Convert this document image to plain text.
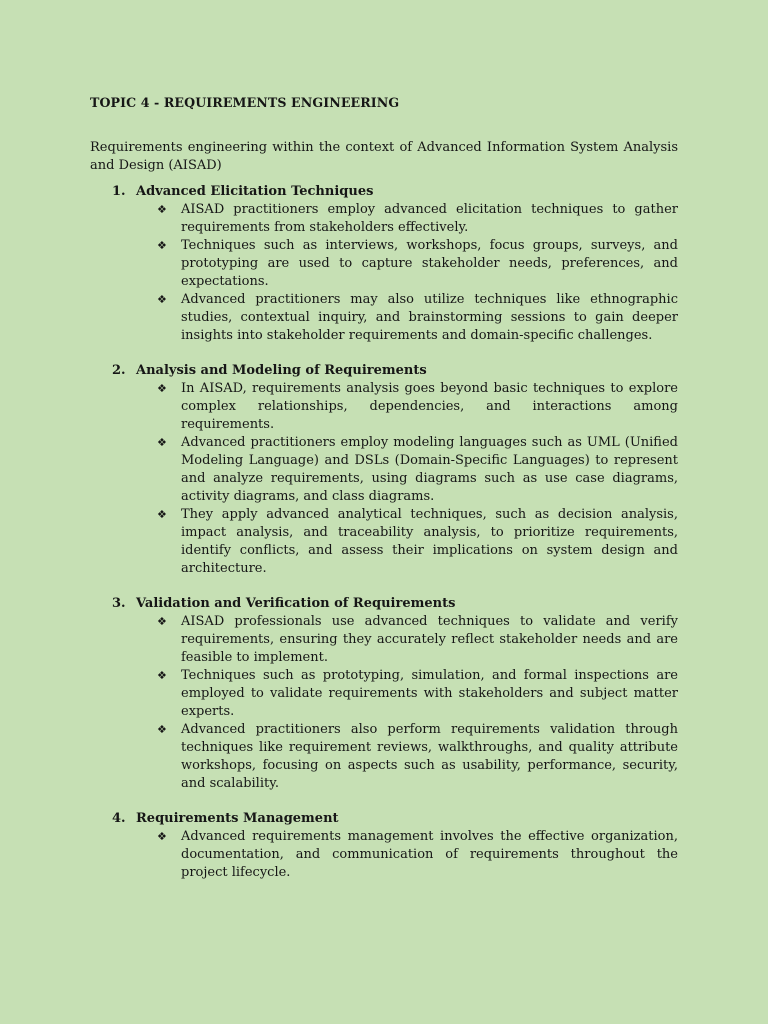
TOPIC 4 - REQUIREMENTS ENGINEERING

Requirements engineering within the context of Advanced Information System Analysis and Design (AISAD)

1. Advanced Elicitation Techniques
❖ AISAD practitioners employ advanced elicitation techniques to gather requirements from stakeholders effectively.
❖ Techniques such as interviews, workshops, focus groups, surveys, and prototyping are used to capture stakeholder needs, preferences, and expectations.
❖ Advanced practitioners may also utilize techniques like ethnographic studies, contextual inquiry, and brainstorming sessions to gain deeper insights into stakeholder requirements and domain-specific challenges.
2. Analysis and Modeling of Requirements
❖ In AISAD, requirements analysis goes beyond basic techniques to explore complex relationships, dependencies, and interactions among requirements.
❖ Advanced practitioners employ modeling languages such as UML (Unified Modeling Language) and DSLs (Domain-Specific Languages) to represent and analyze requirements, using diagrams such as use case diagrams, activity diagrams, and class diagrams.
❖ They apply advanced analytical techniques, such as decision analysis, impact analysis, and traceability analysis, to prioritize requirements, identify conflicts, and assess their implications on system design and architecture.
3. Validation and Verification of Requirements
❖ AISAD professionals use advanced techniques to validate and verify requirements, ensuring they accurately reflect stakeholder needs and are feasible to implement.
❖ Techniques such as prototyping, simulation, and formal inspections are employed to validate requirements with stakeholders and subject matter experts.
❖ Advanced practitioners also perform requirements validation through techniques like requirement reviews, walkthroughs, and quality attribute workshops, focusing on aspects such as usability, performance, security, and scalability.
4. Requirements Management
❖ Advanced requirements management involves the effective organization, documentation, and communication of requirements throughout the project lifecycle.
